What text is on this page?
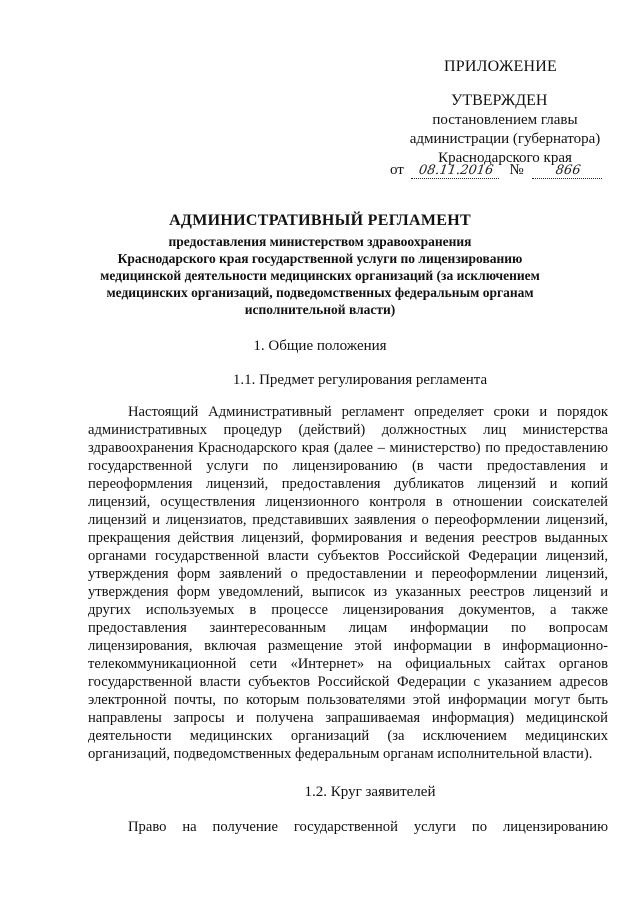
ПРИЛОЖЕНИЕ
УТВЕРЖДЕН
постановлением главы
администрации (губернатора)
Краснодарского края
от 08.11.2016 № 866
АДМИНИСТРАТИВНЫЙ РЕГЛАМЕНТ
предоставления министерством здравоохранения
Краснодарского края государственной услуги по лицензированию
медицинской деятельности медицинских организаций (за исключением
медицинских организаций, подведомственных федеральным органам
исполнительной власти)
1. Общие положения
1.1. Предмет регулирования регламента
Настоящий Административный регламент определяет сроки и порядок административных процедур (действий) должностных лиц министерства здравоохранения Краснодарского края (далее – министерство) по предоставлению государственной услуги по лицензированию (в части предоставления и переоформления лицензий, предоставления дубликатов лицензий и копий лицензий, осуществления лицензионного контроля в отношении соискателей лицензий и лицензиатов, представивших заявления о переоформлении лицензий, прекращения действия лицензий, формирования и ведения реестров выданных органами государственной власти субъектов Российской Федерации лицензий, утверждения форм заявлений о предоставлении и переоформлении лицензий, утверждения форм уведомлений, выписок из указанных реестров лицензий и других используемых в процессе лицензирования документов, а также предоставления заинтересованным лицам информации по вопросам лицензирования, включая размещение этой информации в информационно-телекоммуникационной сети «Интернет» на официальных сайтах органов государственной власти субъектов Российской Федерации с указанием адресов электронной почты, по которым пользователями этой информации могут быть направлены запросы и получена запрашиваемая информация) медицинской деятельности медицинских организаций (за исключением медицинских организаций, подведомственных федеральным органам исполнительной власти).
1.2. Круг заявителей
Право на получение государственной услуги по лицензированию
